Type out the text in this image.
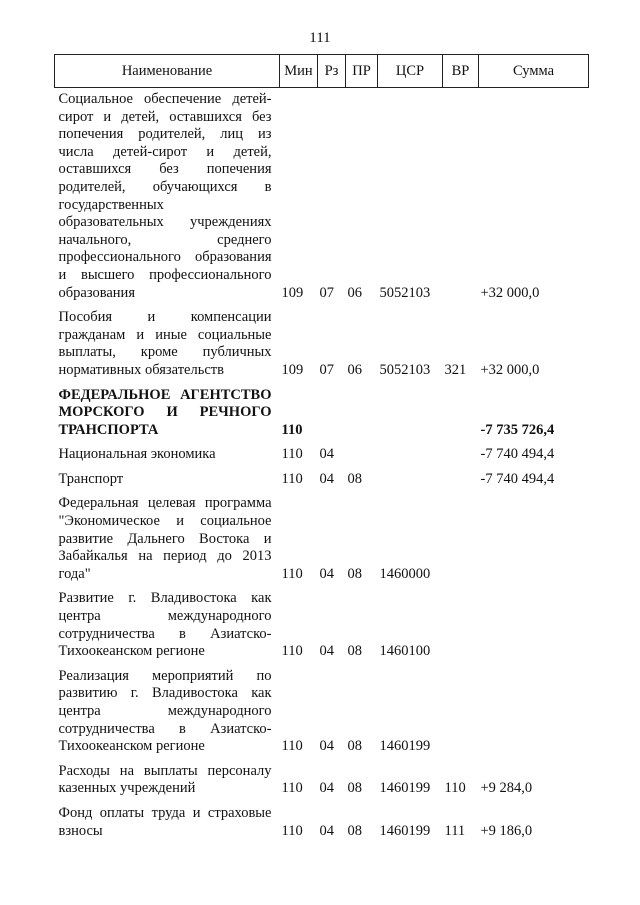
111
Наименование	Мин	Рз	ПР	ЦСР	ВР	Сумма
Социальное обеспечение детей-сирот и детей, оставшихся без попечения родителей, лиц из числа детей-сирот и детей, оставшихся без попечения родителей, обучающихся в государственных образовательных учреждениях начального, среднего профессионального образования и высшего профессионального образования	109	07	06	5052103		+32 000,0
Пособия и компенсации гражданам и иные социальные выплаты, кроме публичных нормативных обязательств	109	07	06	5052103	321	+32 000,0
ФЕДЕРАЛЬНОЕ АГЕНТСТВО МОРСКОГО И РЕЧНОГО ТРАНСПОРТА	110					-7 735 726,4
Национальная экономика	110	04				-7 740 494,4
Транспорт	110	04	08			-7 740 494,4
Федеральная целевая программа "Экономическое и социальное развитие Дальнего Востока и Забайкалья на период до 2013 года"	110	04	08	1460000		
Развитие г. Владивостока как центра международного сотрудничества в Азиатско-Тихоокеанском регионе	110	04	08	1460100		
Реализация мероприятий по развитию г. Владивостока как центра международного сотрудничества в Азиатско-Тихоокеанском регионе	110	04	08	1460199		
Расходы на выплаты персоналу казенных учреждений	110	04	08	1460199	110	+9 284,0
Фонд оплаты труда и страховые взносы	110	04	08	1460199	111	+9 186,0
